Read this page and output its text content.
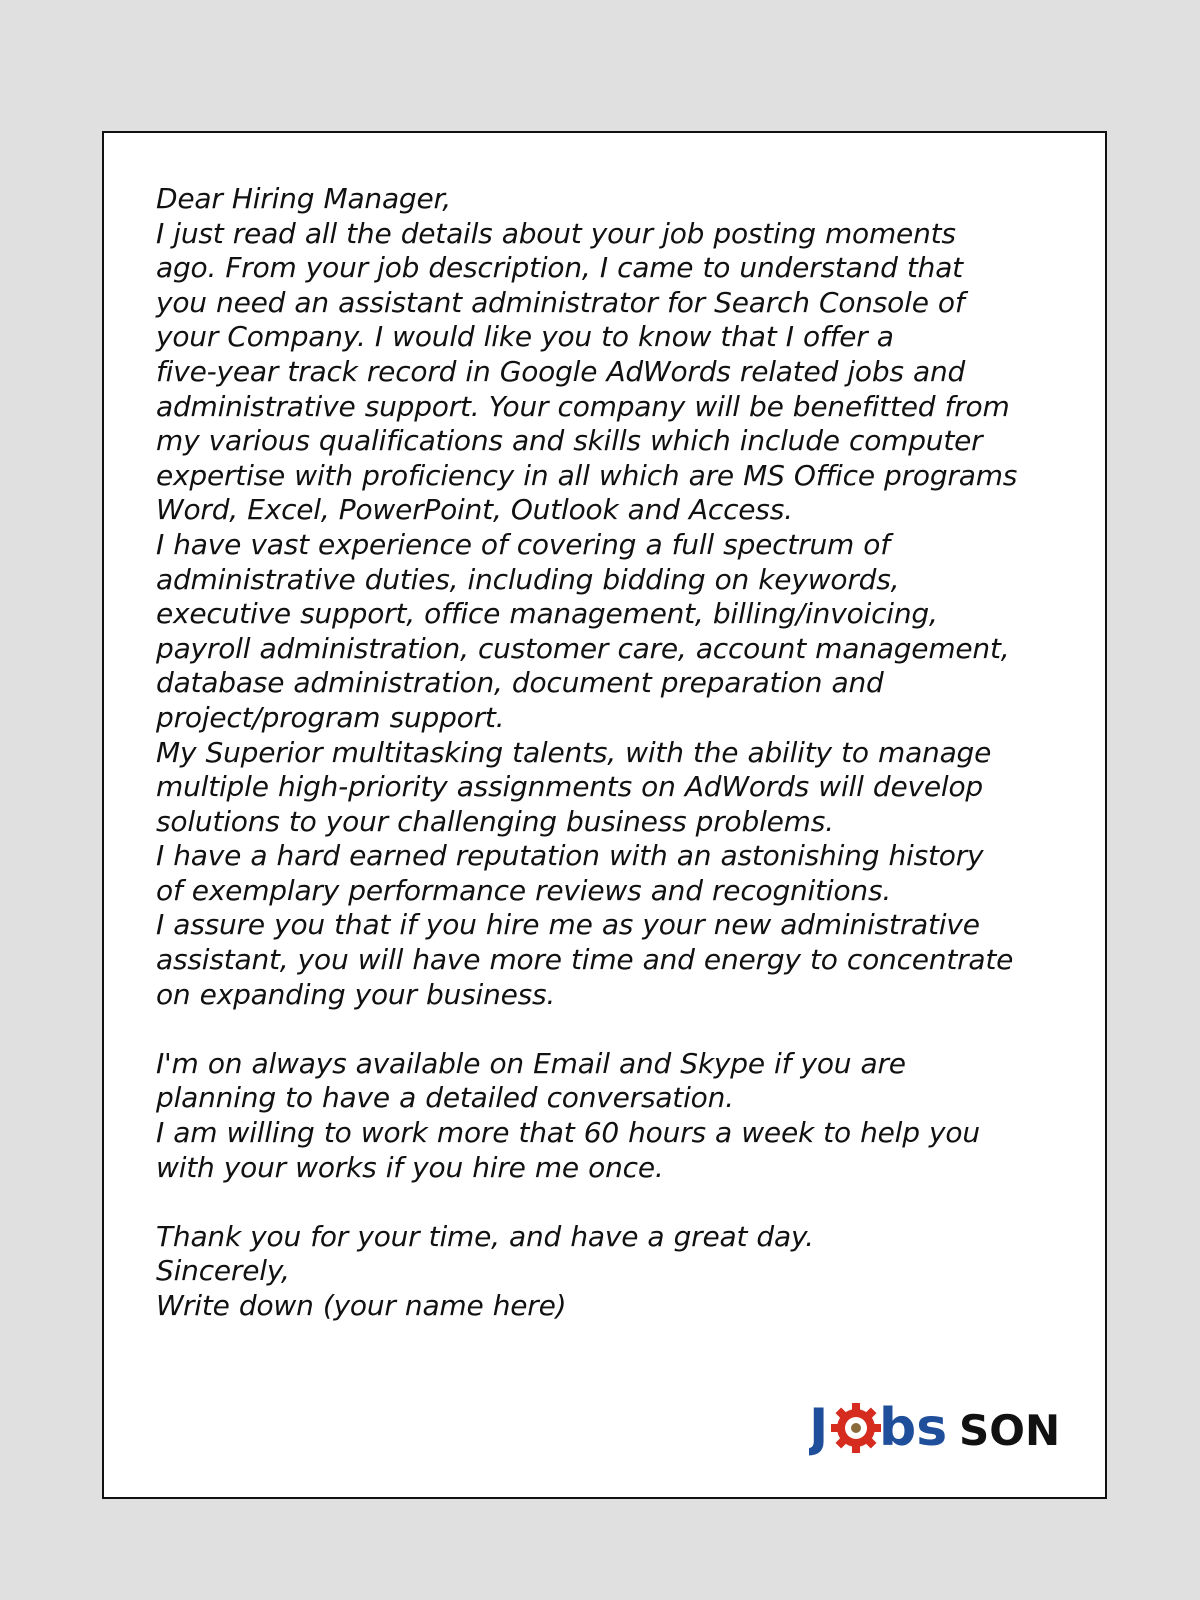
Dear Hiring Manager,
I just read all the details about your job posting moments
ago. From your job description, I came to understand that
you need an assistant administrator for Search Console of
your Company. I would like you to know that I offer a
five-year track record in Google AdWords related jobs and
administrative support. Your company will be benefitted from
my various qualifications and skills which include computer
expertise with proficiency in all which are MS Office programs
Word, Excel, PowerPoint, Outlook and Access.
I have vast experience of covering a full spectrum of
administrative duties, including bidding on keywords,
executive support, office management, billing/invoicing,
payroll administration, customer care, account management,
database administration, document preparation and
project/program support.
My Superior multitasking talents, with the ability to manage
multiple high-priority assignments on AdWords will develop
solutions to your challenging business problems.
I have a hard earned reputation with an astonishing history
of exemplary performance reviews and recognitions.
I assure you that if you hire me as your new administrative
assistant, you will have more time and energy to concentrate
on expanding your business.

I'm on always available on Email and Skype if you are
planning to have a detailed conversation.
I am willing to work more that 60 hours a week to help you
with your works if you hire me once.

Thank you for your time, and have a great day.
Sincerely,
Write down (your name here)
J bs SON
